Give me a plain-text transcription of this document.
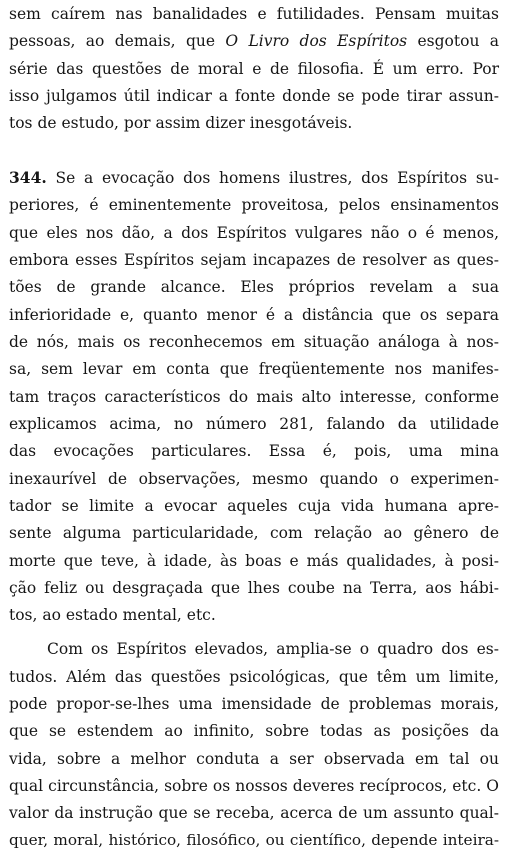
sem caírem nas banalidades e futilidades. Pensam muitas
pessoas, ao demais, que O Livro dos Espíritos esgotou a
série das questões de moral e de filosofia. É um erro. Por
isso julgamos útil indicar a fonte donde se pode tirar assun-
tos de estudo, por assim dizer inesgotáveis.
344. Se a evocação dos homens ilustres, dos Espíritos su-
periores, é eminentemente proveitosa, pelos ensinamentos
que eles nos dão, a dos Espíritos vulgares não o é menos,
embora esses Espíritos sejam incapazes de resolver as ques-
tões de grande alcance. Eles próprios revelam a sua
inferioridade e, quanto menor é a distância que os separa
de nós, mais os reconhecemos em situação análoga à nos-
sa, sem levar em conta que freqüentemente nos manifes-
tam traços característicos do mais alto interesse, conforme
explicamos acima, no número 281, falando da utilidade
das evocações particulares. Essa é, pois, uma mina
inexaurível de observações, mesmo quando o experimen-
tador se limite a evocar aqueles cuja vida humana apre-
sente alguma particularidade, com relação ao gênero de
morte que teve, à idade, às boas e más qualidades, à posi-
ção feliz ou desgraçada que lhes coube na Terra, aos hábi-
tos, ao estado mental, etc.
Com os Espíritos elevados, amplia-se o quadro dos es-
tudos. Além das questões psicológicas, que têm um limite,
pode propor-se-lhes uma imensidade de problemas morais,
que se estendem ao infinito, sobre todas as posições da
vida, sobre a melhor conduta a ser observada em tal ou
qual circunstância, sobre os nossos deveres recíprocos, etc. O
valor da instrução que se receba, acerca de um assunto qual-
quer, moral, histórico, filosófico, ou científico, depende inteira-
